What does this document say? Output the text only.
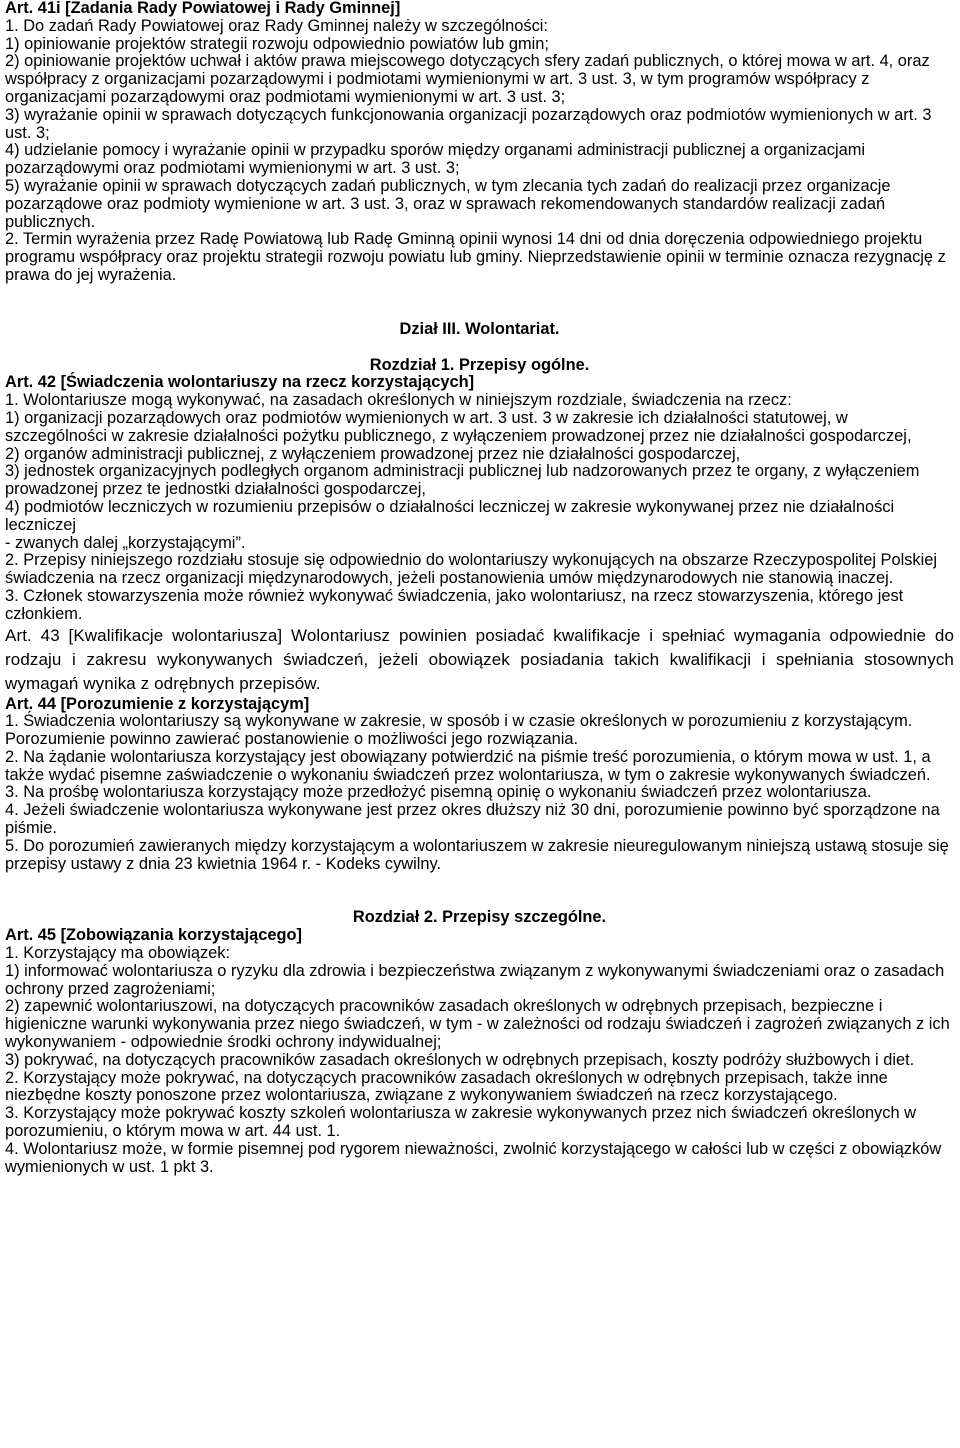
Art. 41i [Zadania Rady Powiatowej i Rady Gminnej]

1. Do zadań Rady Powiatowej oraz Rady Gminnej należy w szczególności:

1) opiniowanie projektów strategii rozwoju odpowiednio powiatów lub gmin;

2) opiniowanie projektów uchwał i aktów prawa miejscowego dotyczących sfery zadań publicznych, o której mowa w art. 4, oraz współpracy z organizacjami pozarządowymi i podmiotami wymienionymi w art. 3 ust. 3, w tym programów współpracy z organizacjami pozarządowymi oraz podmiotami wymienionymi w art. 3 ust. 3;

3) wyrażanie opinii w sprawach dotyczących funkcjonowania organizacji pozarządowych oraz podmiotów wymienionych w art. 3 ust. 3;

4) udzielanie pomocy i wyrażanie opinii w przypadku sporów między organami administracji publicznej a organizacjami pozarządowymi oraz podmiotami wymienionymi w art. 3 ust. 3;

5) wyrażanie opinii w sprawach dotyczących zadań publicznych, w tym zlecania tych zadań do realizacji przez organizacje pozarządowe oraz podmioty wymienione w art. 3 ust. 3, oraz w sprawach rekomendowanych standardów realizacji zadań publicznych.

2. Termin wyrażenia przez Radę Powiatową lub Radę Gminną opinii wynosi 14 dni od dnia doręczenia odpowiedniego projektu programu współpracy oraz projektu strategii rozwoju powiatu lub gminy. Nieprzedstawienie opinii w terminie oznacza rezygnację z prawa do jej wyrażenia.

Dział III. Wolontariat.

Rozdział 1. Przepisy ogólne.

Art. 42 [Świadczenia wolontariuszy na rzecz korzystających]

1. Wolontariusze mogą wykonywać, na zasadach określonych w niniejszym rozdziale, świadczenia na rzecz:

1) organizacji pozarządowych oraz podmiotów wymienionych w art. 3 ust. 3 w zakresie ich działalności statutowej, w szczególności w zakresie działalności pożytku publicznego, z wyłączeniem prowadzonej przez nie działalności gospodarczej,

2) organów administracji publicznej, z wyłączeniem prowadzonej przez nie działalności gospodarczej,

3) jednostek organizacyjnych podległych organom administracji publicznej lub nadzorowanych przez te organy, z wyłączeniem prowadzonej przez te jednostki działalności gospodarczej,

4) podmiotów leczniczych w rozumieniu przepisów o działalności leczniczej w zakresie wykonywanej przez nie działalności leczniczej

- zwanych dalej „korzystającymi”.

2. Przepisy niniejszego rozdziału stosuje się odpowiednio do wolontariuszy wykonujących na obszarze Rzeczypospolitej Polskiej świadczenia na rzecz organizacji międzynarodowych, jeżeli postanowienia umów międzynarodowych nie stanowią inaczej.

3. Członek stowarzyszenia może również wykonywać świadczenia, jako wolontariusz, na rzecz stowarzyszenia, którego jest członkiem.

Art. 43 [Kwalifikacje wolontariusza] Wolontariusz powinien posiadać kwalifikacje i spełniać wymagania odpowiednie do rodzaju i zakresu wykonywanych świadczeń, jeżeli obowiązek posiadania takich kwalifikacji i spełniania stosownych wymagań wynika z odrębnych przepisów.

Art. 44 [Porozumienie z korzystającym]

1. Świadczenia wolontariuszy są wykonywane w zakresie, w sposób i w czasie określonych w porozumieniu z korzystającym. Porozumienie powinno zawierać postanowienie o możliwości jego rozwiązania.

2. Na żądanie wolontariusza korzystający jest obowiązany potwierdzić na piśmie treść porozumienia, o którym mowa w ust. 1, a także wydać pisemne zaświadczenie o wykonaniu świadczeń przez wolontariusza, w tym o zakresie wykonywanych świadczeń.

3. Na prośbę wolontariusza korzystający może przedłożyć pisemną opinię o wykonaniu świadczeń przez wolontariusza.

4. Jeżeli świadczenie wolontariusza wykonywane jest przez okres dłuższy niż 30 dni, porozumienie powinno być sporządzone na piśmie.

5. Do porozumień zawieranych między korzystającym a wolontariuszem w zakresie nieuregulowanym niniejszą ustawą stosuje się przepisy ustawy z dnia 23 kwietnia 1964 r. - Kodeks cywilny.

Rozdział 2. Przepisy szczególne.

Art. 45 [Zobowiązania korzystającego]

1. Korzystający ma obowiązek:

1) informować wolontariusza o ryzyku dla zdrowia i bezpieczeństwa związanym z wykonywanymi świadczeniami oraz o zasadach ochrony przed zagrożeniami;

2) zapewnić wolontariuszowi, na dotyczących pracowników zasadach określonych w odrębnych przepisach, bezpieczne i higieniczne warunki wykonywania przez niego świadczeń, w tym - w zależności od rodzaju świadczeń i zagrożeń związanych z ich wykonywaniem - odpowiednie środki ochrony indywidualnej;

3) pokrywać, na dotyczących pracowników zasadach określonych w odrębnych przepisach, koszty podróży służbowych i diet.

2. Korzystający może pokrywać, na dotyczących pracowników zasadach określonych w odrębnych przepisach, także inne niezbędne koszty ponoszone przez wolontariusza, związane z wykonywaniem świadczeń na rzecz korzystającego.

3. Korzystający może pokrywać koszty szkoleń wolontariusza w zakresie wykonywanych przez nich świadczeń określonych w porozumieniu, o którym mowa w art. 44 ust. 1.

4. Wolontariusz może, w formie pisemnej pod rygorem nieważności, zwolnić korzystającego w całości lub w części z obowiązków wymienionych w ust. 1 pkt 3.
